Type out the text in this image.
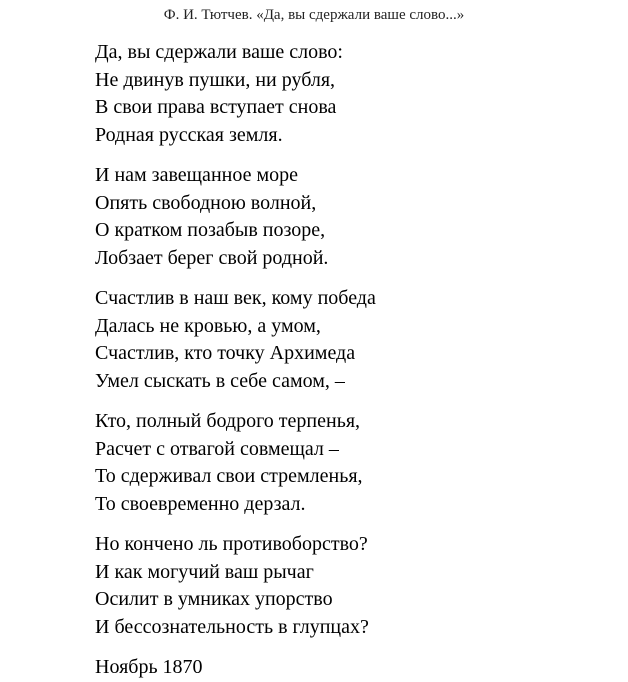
Ф. И. Тютчев. «Да, вы сдержали ваше слово...»
Да, вы сдержали ваше слово:
Не двинув пушки, ни рубля,
В свои права вступает снова
Родная русская земля.
И нам завещанное море
Опять свободною волной,
О кратком позабыв позоре,
Лобзает берег свой родной.
Счастлив в наш век, кому победа
Далась не кровью, а умом,
Счастлив, кто точку Архимеда
Умел сыскать в себе самом, –
Кто, полный бодрого терпенья,
Расчет с отвагой совмещал –
То сдерживал свои стремленья,
То своевременно дерзал.
Но кончено ль противоборство?
И как могучий ваш рычаг
Осилит в умниках упорство
И бессознательность в глупцах?
Ноябрь 1870
